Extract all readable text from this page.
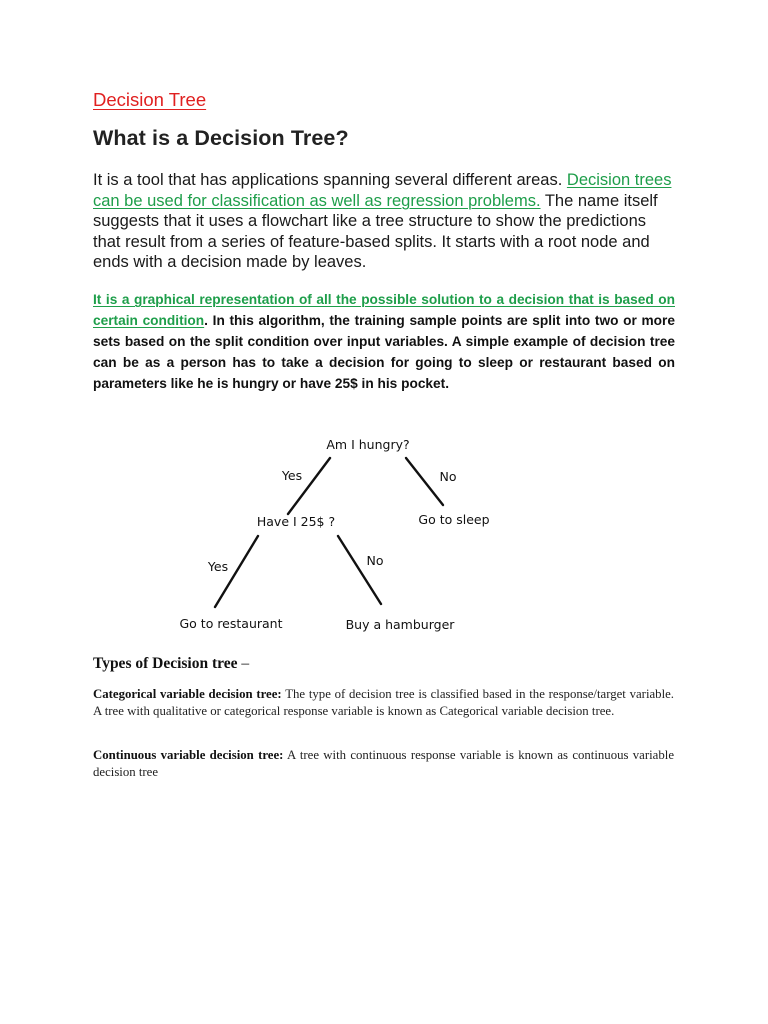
Decision Tree
What is a Decision Tree?

It is a tool that has applications spanning several different areas. Decision trees can be used for classification as well as regression problems. The name itself suggests that it uses a flowchart like a tree structure to show the predictions that result from a series of feature-based splits. It starts with a root node and ends with a decision made by leaves.

It is a graphical representation of all the possible solution to a decision that is based on certain condition. In this algorithm, the training sample points are split into two or more sets based on the split condition over input variables. A simple example of decision tree can be as a person has to take a decision for going to sleep or restaurant based on parameters like he is hungry or have 25$ in his pocket.

Am I hungry?
Yes	No
Have I 25$ ?	Go to sleep
Yes	No
Go to restaurant	Buy a hamburger
Types of Decision tree –

Categorical variable decision tree: The type of decision tree is classified based in the response/target variable. A tree with qualitative or categorical response variable is known as Categorical variable decision tree.

Continuous variable decision tree: A tree with continuous response variable is known as continuous variable decision tree
